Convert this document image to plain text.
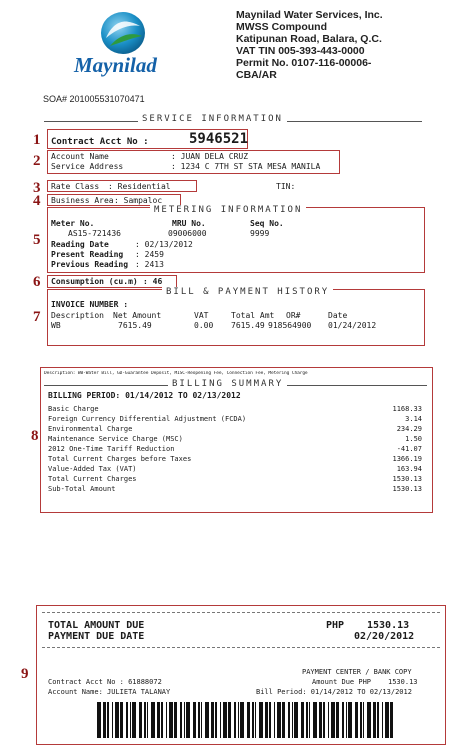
Maynilad
Maynilad Water Services, Inc.
MWSS Compound
Katipunan Road, Balara, Q.C.
VAT TIN 005-393-443-0000
Permit No. 0107-116-00006-
CBA/AR
SOA# 201005531070471
SERVICE INFORMATION
1 Contract Acct No :	5946521
2 Account Name	: JUAN DELA CRUZ
Service Address	: 1234 C 7TH ST STA MESA MANILA
3 Rate Class : Residential	TIN:
4 Business Area : Sampaloc
5
METERING INFORMATION
Meter No.	MRU No.	Seq No.
AS15-721436	09006000	9999
Reading Date	: 02/13/2012
Present Reading : 2459
Previous Reading : 2413
6 Consumption (cu.m) : 46
7
BILL & PAYMENT HISTORY
INVOICE NUMBER :
Description Net Amount	VAT	Total Amt OR#	Date
WB	7615.49	0.00 7615.49 918564900 01/24/2012
8
Description: WB-Water Bill, GD-Guarantee Deposit, MISC-Reopening Fee, Connection Fee, Metering Charge
BILLING SUMMARY
BILLING PERIOD: 01/14/2012 TO 02/13/2012
Basic Charge	1168.33
Foreign Currency Differential Adjustment (FCDA)	3.14
Environmental Charge	234.29
Maintenance Service Charge (MSC)	1.50
2012 One-Time Tariff Reduction	-41.07
Total Current Charges before Taxes	1366.19
Value-Added Tax (VAT)	163.94
Total Current Charges	1530.13
Sub-Total Amount	1530.13
9
TOTAL AMOUNT DUE	PHP 1530.13
PAYMENT DUE DATE	02/20/2012
PAYMENT CENTER / BANK COPY
Contract Acct No : 61888072	Amount Due PHP 1530.13
Account Name: JULIETA TALANAY	Bill Period: 01/14/2012 TO 02/13/2012
